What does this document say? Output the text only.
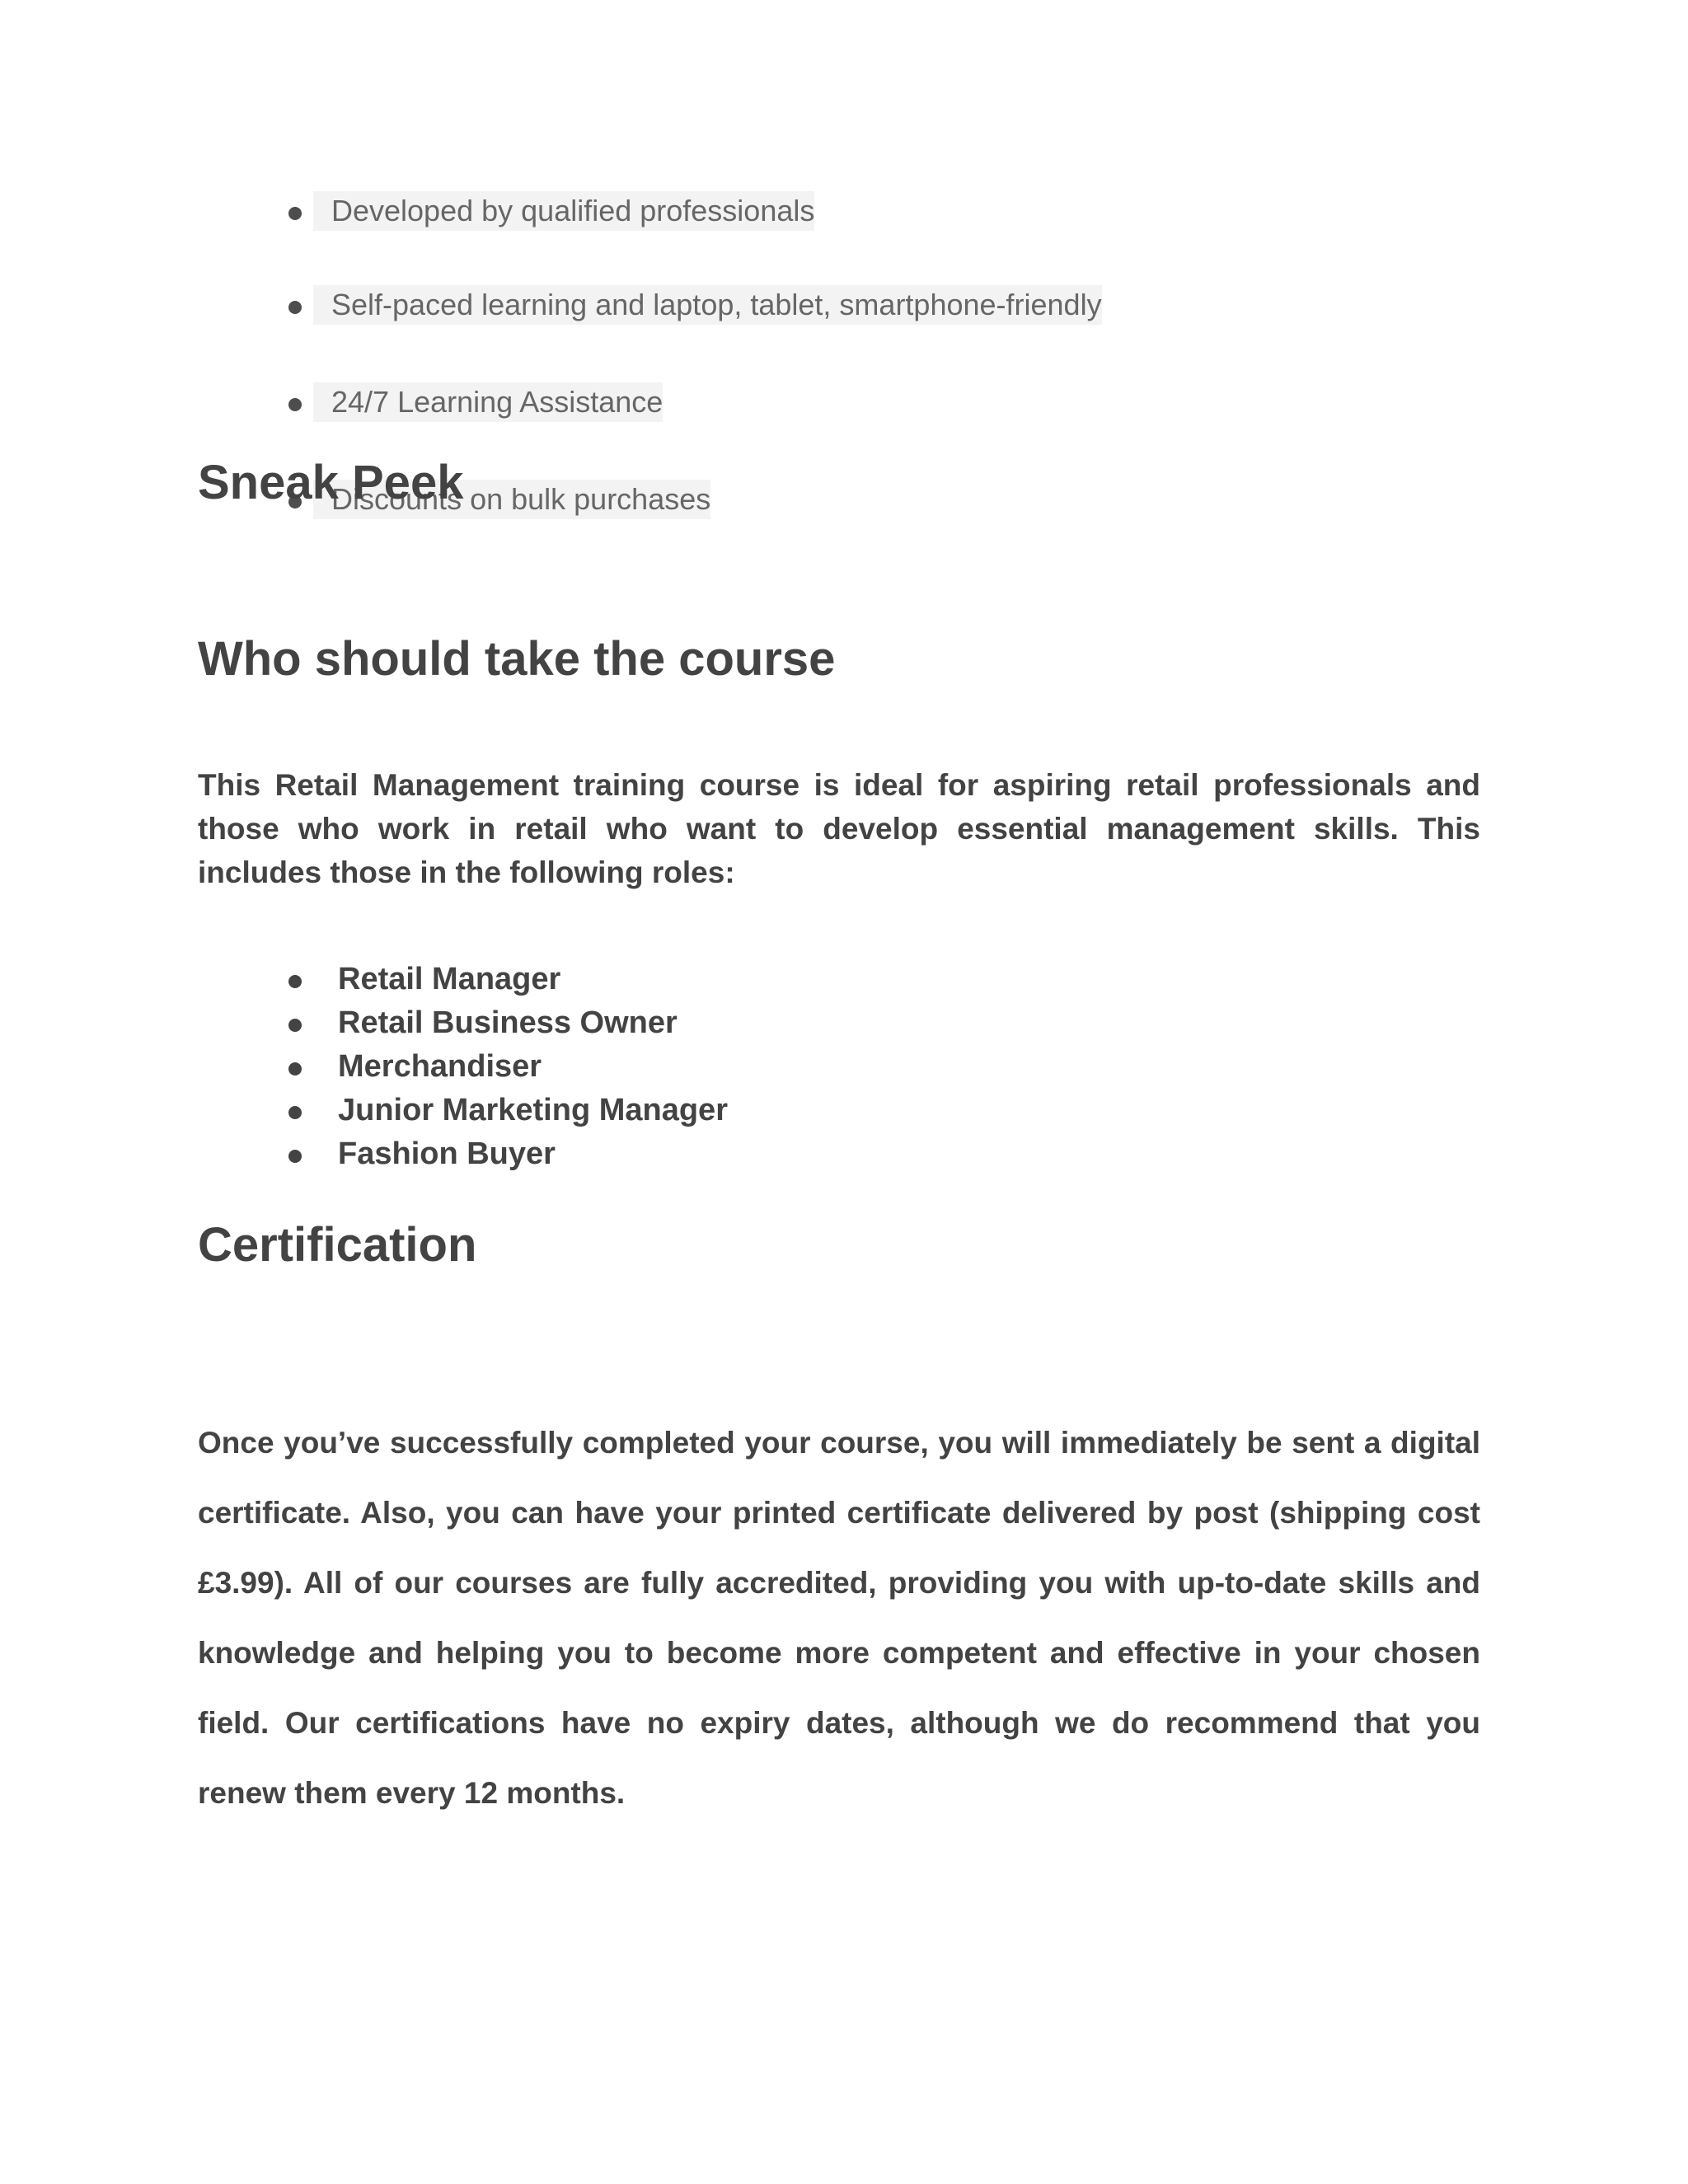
Developed by qualified professionals
Self-paced learning and laptop, tablet, smartphone-friendly
24/7 Learning Assistance
Discounts on bulk purchases
Sneak Peek
Who should take the course

This Retail Management training course is ideal for aspiring retail professionals and those who work in retail who want to develop essential management skills. This includes those in the following roles:

Retail Manager
Retail Business Owner
Merchandiser
Junior Marketing Manager
Fashion Buyer
Certification

Once you’ve successfully completed your course, you will immediately be sent a digital certificate. Also, you can have your printed certificate delivered by post (shipping cost £3.99). All of our courses are fully accredited, providing you with up-to-date skills and knowledge and helping you to become more competent and effective in your chosen field. Our certifications have no expiry dates, although we do recommend that you renew them every 12 months.
